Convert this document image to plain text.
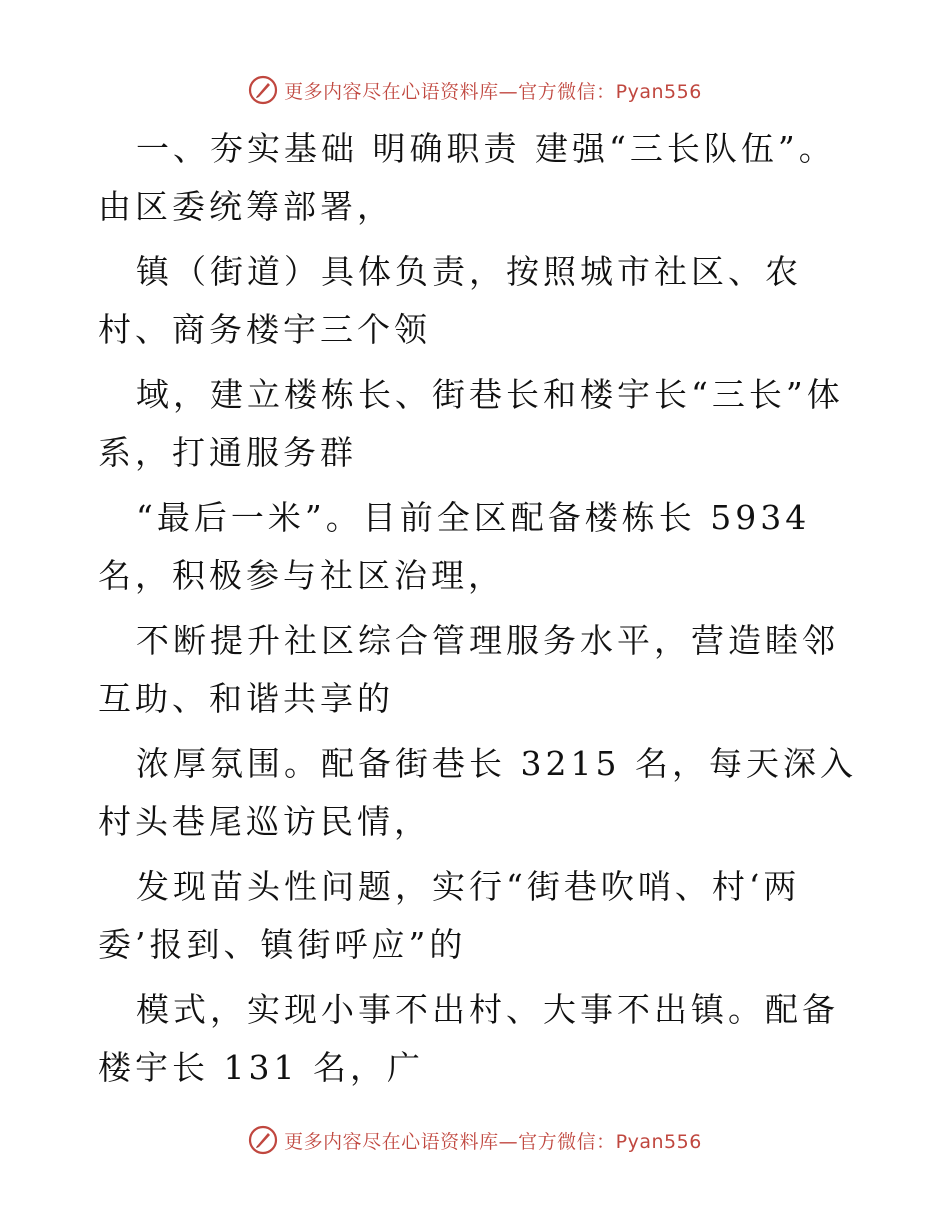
更多内容尽在心语资料库—官方微信：Pyan556

一、夯实基础 明确职责 建强“三长队伍”。由区委统筹部署，

镇（街道）具体负责，按照城市社区、农村、商务楼宇三个领

域，建立楼栋长、街巷长和楼宇长“三长”体系，打通服务群

“最后一米”。目前全区配备楼栋长 5934 名，积极参与社区治理，

不断提升社区综合管理服务水平，营造睦邻互助、和谐共享的

浓厚氛围。配备街巷长 3215 名，每天深入村头巷尾巡访民情，

发现苗头性问题，实行“街巷吹哨、村‘两委’报到、镇街呼应”的

模式，实现小事不出村、大事不出镇。配备楼宇长 131 名，广

更多内容尽在心语资料库—官方微信：Pyan556
